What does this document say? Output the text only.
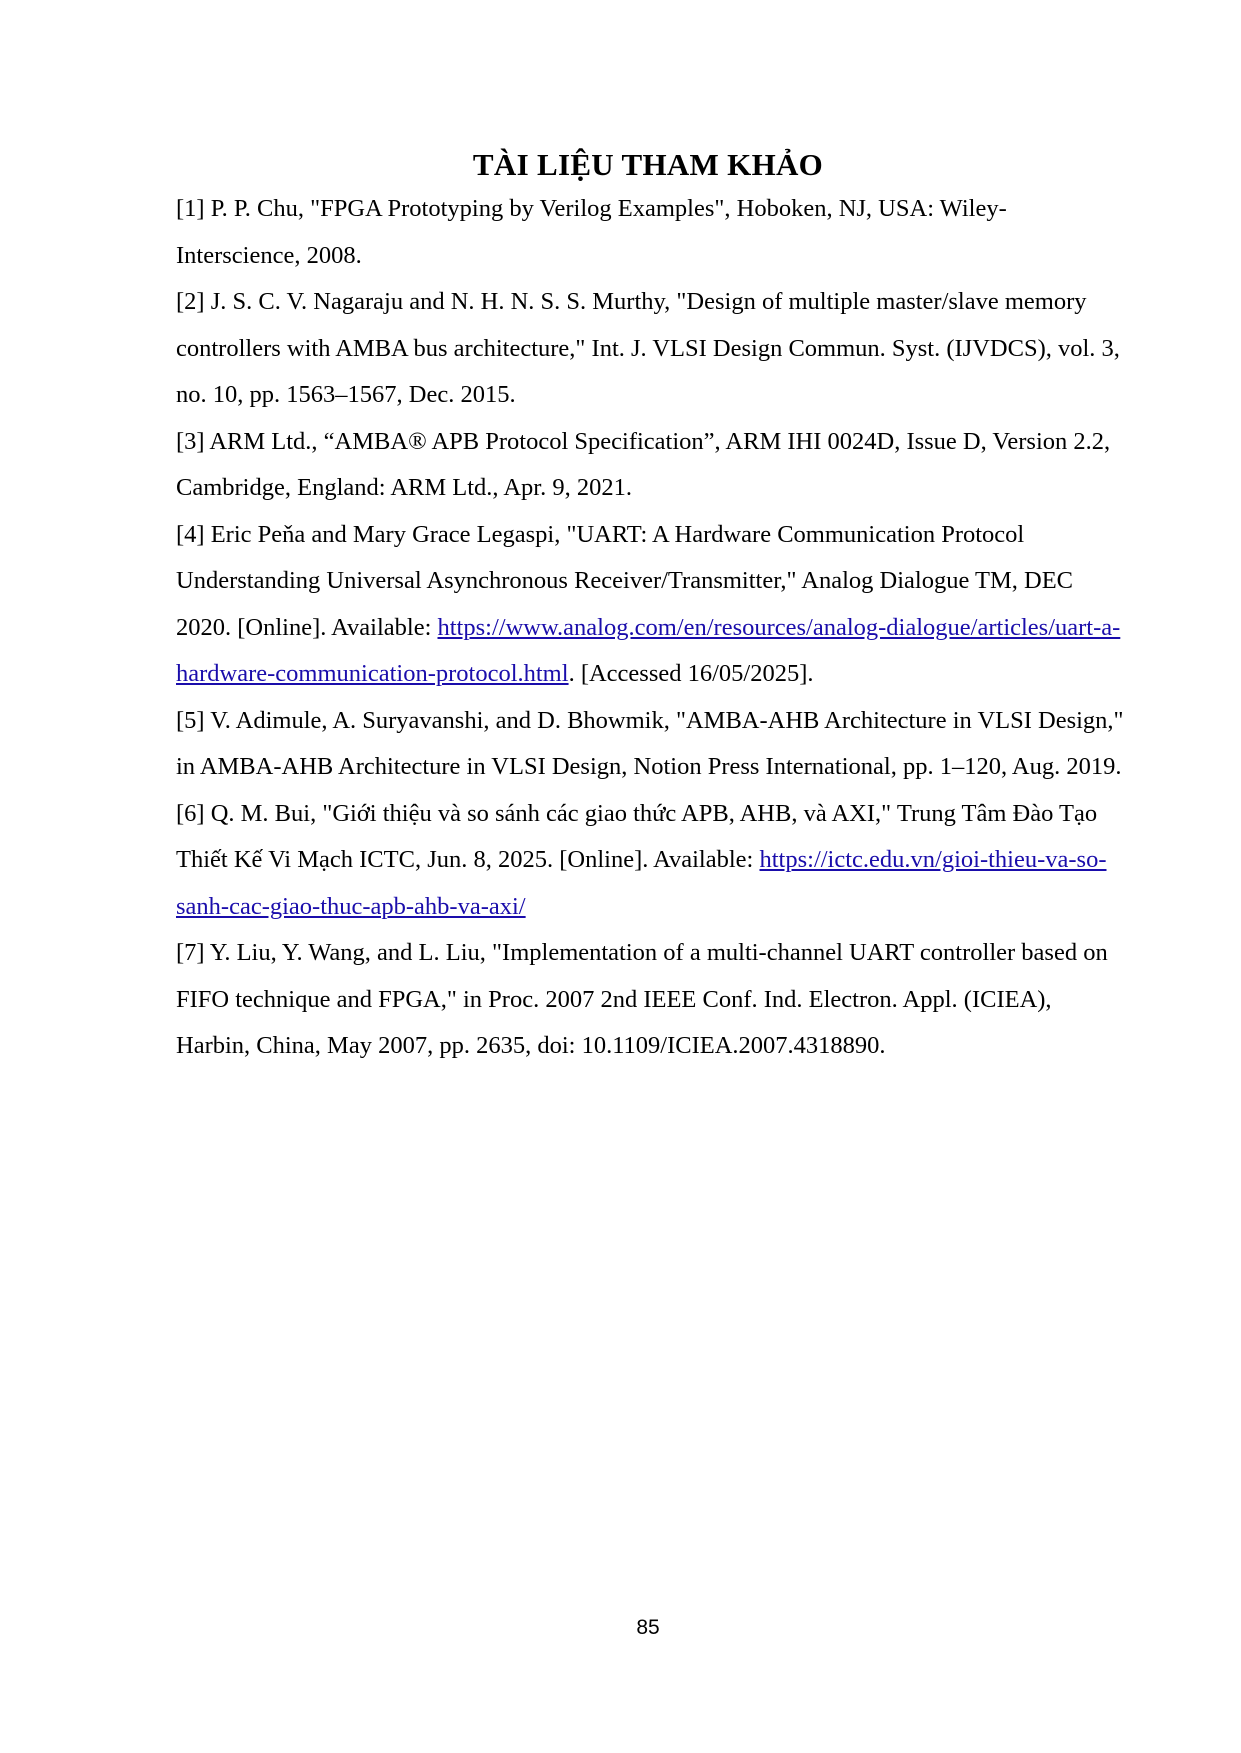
TÀI LIỆU THAM KHẢO

[1] P. P. Chu, "FPGA Prototyping by Verilog Examples", Hoboken, NJ, USA: Wiley-Interscience, 2008.

[2] J. S. C. V. Nagaraju and N. H. N. S. S. Murthy, "Design of multiple master/slave memory controllers with AMBA bus architecture," Int. J. VLSI Design Commun. Syst. (IJVDCS), vol. 3, no. 10, pp. 1563–1567, Dec. 2015.

[3] ARM Ltd., “AMBA® APB Protocol Specification”, ARM IHI 0024D, Issue D, Version 2.2, Cambridge, England: ARM Ltd., Apr. 9, 2021.

[4] Eric Peňa and Mary Grace Legaspi, "UART: A Hardware Communication Protocol Understanding Universal Asynchronous Receiver/Transmitter," Analog Dialogue TM, DEC 2020. [Online]. Available: https://www.analog.com/en/resources/analog-dialogue/articles/uart-a-hardware-communication-protocol.html. [Accessed 16/05/2025].

[5] V. Adimule, A. Suryavanshi, and D. Bhowmik, "AMBA-AHB Architecture in VLSI Design," in AMBA-AHB Architecture in VLSI Design, Notion Press International, pp. 1–120, Aug. 2019.

[6] Q. M. Bui, "Giới thiệu và so sánh các giao thức APB, AHB, và AXI," Trung Tâm Đào Tạo Thiết Kế Vi Mạch ICTC, Jun. 8, 2025. [Online]. Available: https://ictc.edu.vn/gioi-thieu-va-so-sanh-cac-giao-thuc-apb-ahb-va-axi/

[7] Y. Liu, Y. Wang, and L. Liu, "Implementation of a multi-channel UART controller based on FIFO technique and FPGA," in Proc. 2007 2nd IEEE Conf. Ind. Electron. Appl. (ICIEA), Harbin, China, May 2007, pp. 2635, doi: 10.1109/ICIEA.2007.4318890.

85
